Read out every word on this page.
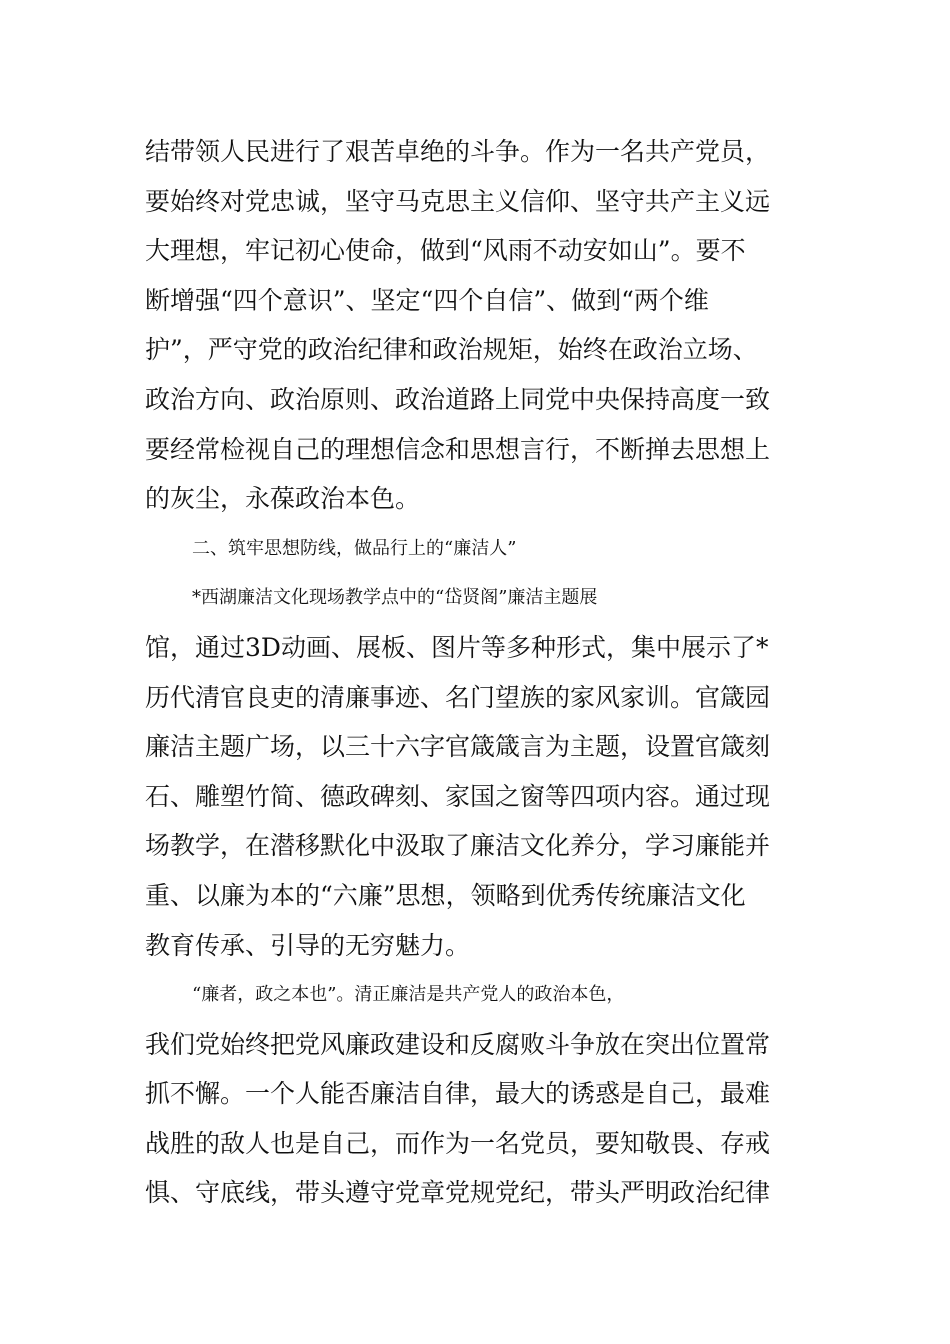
结带领人民进行了艰苦卓绝的斗争。作为一名共产党员，
要始终对党忠诚，坚守马克思主义信仰、坚守共产主义远
大理想，牢记初心使命，做到“风雨不动安如山”。要不
断增强“四个意识”、坚定“四个自信”、做到“两个维
护”，严守党的政治纪律和政治规矩，始终在政治立场、
政治方向、政治原则、政治道路上同党中央保持高度一致
要经常检视自己的理想信念和思想言行，不断掸去思想上
的灰尘，永葆政治本色。
二、筑牢思想防线，做品行上的“廉洁人”
*西湖廉洁文化现场教学点中的“岱贤阁”廉洁主题展
馆，通过3D动画、展板、图片等多种形式，集中展示了*
历代清官良吏的清廉事迹、名门望族的家风家训。官箴园
廉洁主题广场，以三十六字官箴箴言为主题，设置官箴刻
石、雕塑竹简、德政碑刻、家国之窗等四项内容。通过现
场教学，在潜移默化中汲取了廉洁文化养分，学习廉能并
重、以廉为本的“六廉”思想，领略到优秀传统廉洁文化
教育传承、引导的无穷魅力。
“廉者，政之本也”。清正廉洁是共产党人的政治本色，
我们党始终把党风廉政建设和反腐败斗争放在突出位置常
抓不懈。一个人能否廉洁自律，最大的诱惑是自己，最难
战胜的敌人也是自己，而作为一名党员，要知敬畏、存戒
惧、守底线，带头遵守党章党规党纪，带头严明政治纪律
